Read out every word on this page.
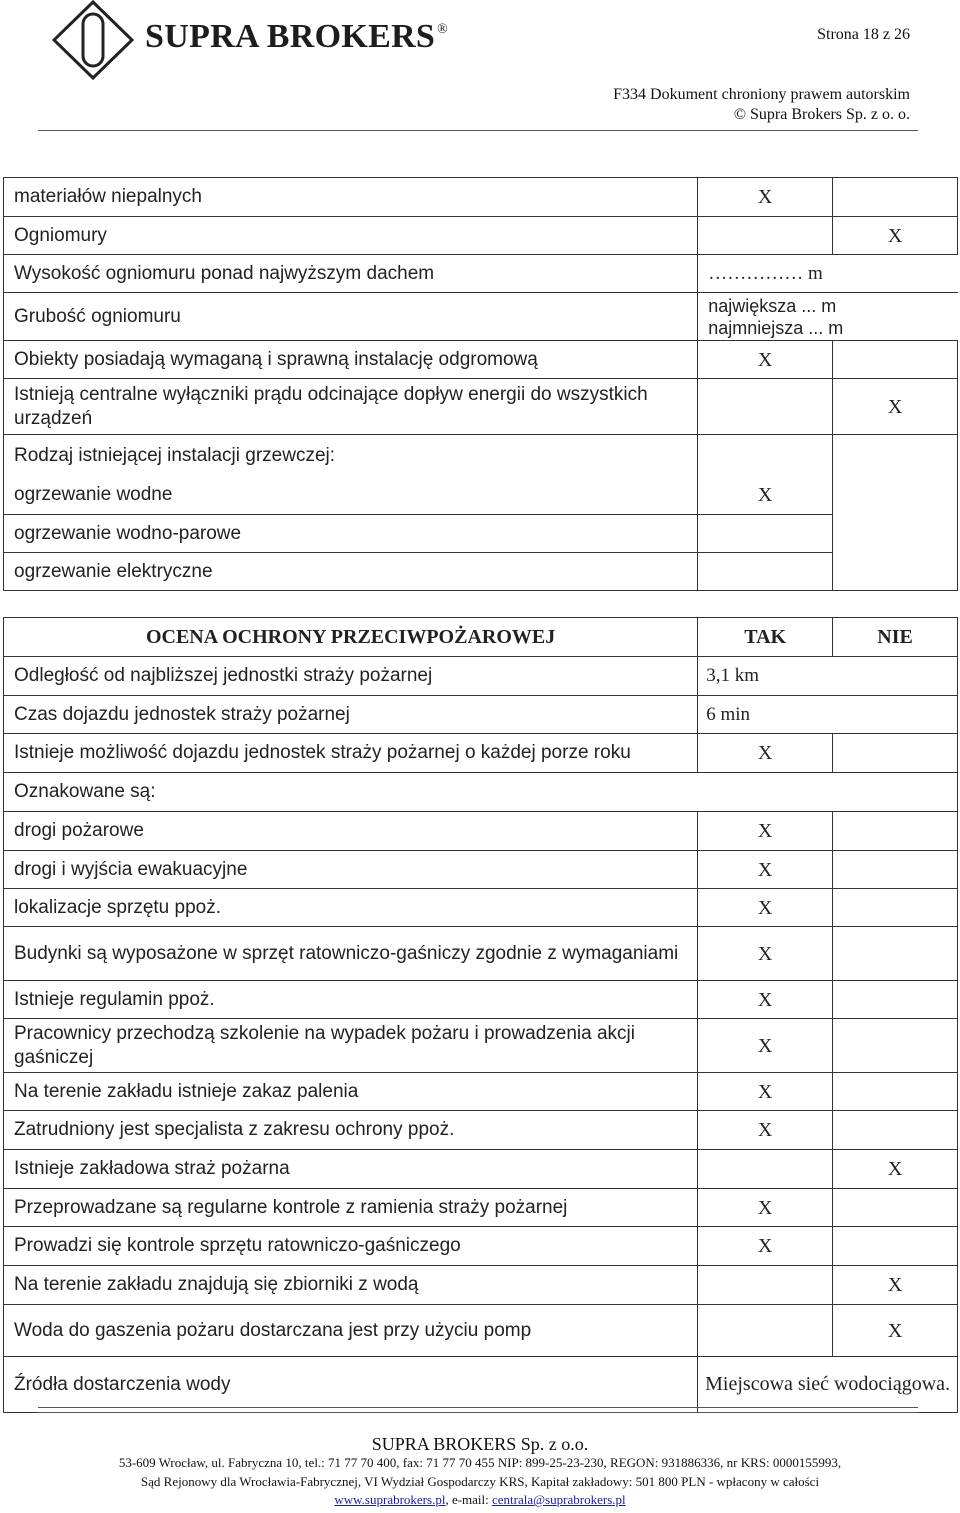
SUPRA BROKERS ®	Strona 18 z 26
F334 Dokument chroniony prawem autorskim
© Supra Brokers Sp. z o. o.
materiałów niepalnych	X	
Ogniomury		X
Wysokość ogniomuru ponad najwyższym dachem	…………… m	
Grubość ogniomuru	największa ... m
najmniejsza ... m	

Obiekty posiadają wymaganą i sprawną instalację odgromową	X	
Istnieją centralne wyłączniki prądu odcinające dopływ energii do wszystkich urządzeń		X
Rodzaj istniejącej instalacji grzewczej:		
ogrzewanie wodne	X	
ogrzewanie wodno-parowe		
ogrzewanie elektryczne		
OCENA OCHRONY PRZECIWPOŻAROWEJ	TAK	NIE
Odległość od najbliższej jednostki straży pożarnej	3,1 km	
Czas dojazdu jednostek straży pożarnej	6 min	
Istnieje możliwość dojazdu jednostek straży pożarnej o każdej porze roku	X	
Oznakowane są:		
drogi pożarowe	X	
drogi i wyjścia ewakuacyjne	X	
lokalizacje sprzętu ppoż.	X	
Budynki są wyposażone w sprzęt ratowniczo-gaśniczy zgodnie z wymaganiami	X	
Istnieje regulamin ppoż.	X	
Pracownicy przechodzą szkolenie na wypadek pożaru i prowadzenia akcji gaśniczej	X	
Na terenie zakładu istnieje zakaz palenia	X	
Zatrudniony jest specjalista z zakresu ochrony ppoż.	X	
Istnieje zakładowa straż pożarna		X
Przeprowadzane są regularne kontrole z ramienia straży pożarnej	X	
Prowadzi się kontrole sprzętu ratowniczo-gaśniczego	X	
Na terenie zakładu znajdują się zbiorniki z wodą		X
Woda do gaszenia pożaru dostarczana jest przy użyciu pomp		X
Źródła dostarczenia wody	Miejscowa sieć wodociągowa.	
SUPRA BROKERS Sp. z o.o.
53-609 Wrocław, ul. Fabryczna 10, tel.: 71 77 70 400, fax: 71 77 70 455 NIP: 899-25-23-230, REGON: 931886336, nr KRS: 0000155993,
Sąd Rejonowy dla Wrocławia-Fabrycznej, VI Wydział Gospodarczy KRS, Kapitał zakładowy: 501 800 PLN - wpłacony w całości
www.suprabrokers.pl, e-mail: centrala@suprabrokers.pl
